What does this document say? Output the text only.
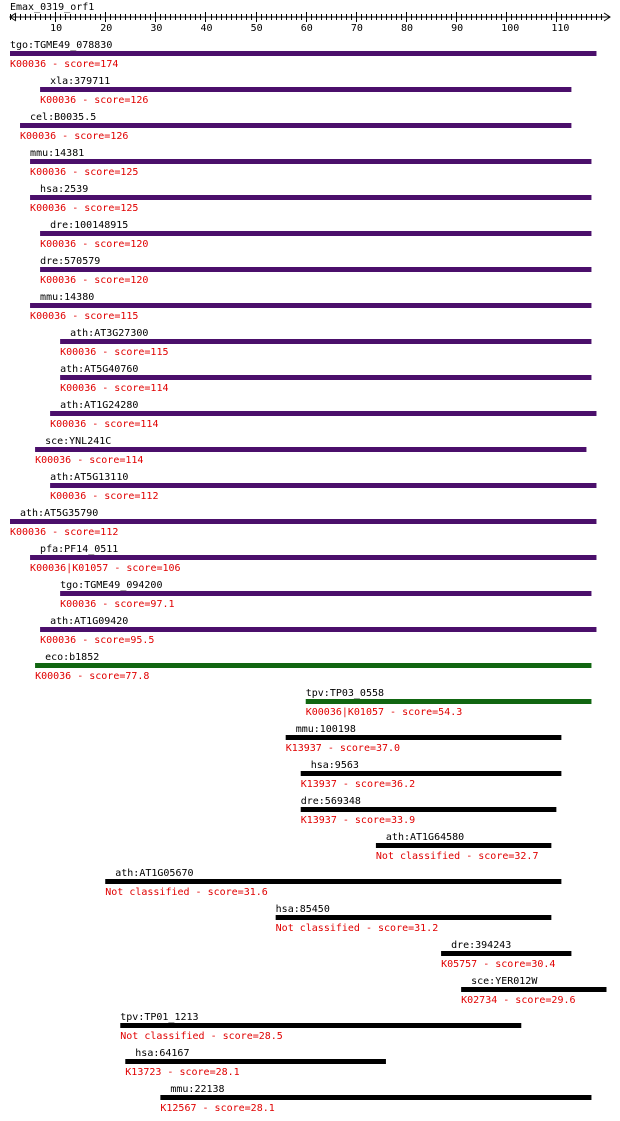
Emax_0319_orf1
10	20	30	40	50	60	70	80	90	100	110
tgo:TGME49_078830
K00036 - score=174
xla:379711
K00036 - score=126
cel:B0035.5
K00036 - score=126
mmu:14381
K00036 - score=125
hsa:2539
K00036 - score=125
dre:100148915
K00036 - score=120
dre:570579
K00036 - score=120
mmu:14380
K00036 - score=115
ath:AT3G27300
K00036 - score=115
ath:AT5G40760
K00036 - score=114
ath:AT1G24280
K00036 - score=114
sce:YNL241C
K00036 - score=114
ath:AT5G13110
K00036 - score=112
ath:AT5G35790
K00036 - score=112
pfa:PF14_0511
K00036|K01057 - score=106
tgo:TGME49_094200
K00036 - score=97.1
ath:AT1G09420
K00036 - score=95.5
eco:b1852
K00036 - score=77.8
tpv:TP03_0558
K00036|K01057 - score=54.3
mmu:100198
K13937 - score=37.0
hsa:9563
K13937 - score=36.2
dre:569348
K13937 - score=33.9
ath:AT1G64580
Not classified - score=32.7
ath:AT1G05670
Not classified - score=31.6
hsa:85450
Not classified - score=31.2
dre:394243
K05757 - score=30.4
sce:YER012W
K02734 - score=29.6
tpv:TP01_1213
Not classified - score=28.5
hsa:64167
K13723 - score=28.1
mmu:22138
K12567 - score=28.1
